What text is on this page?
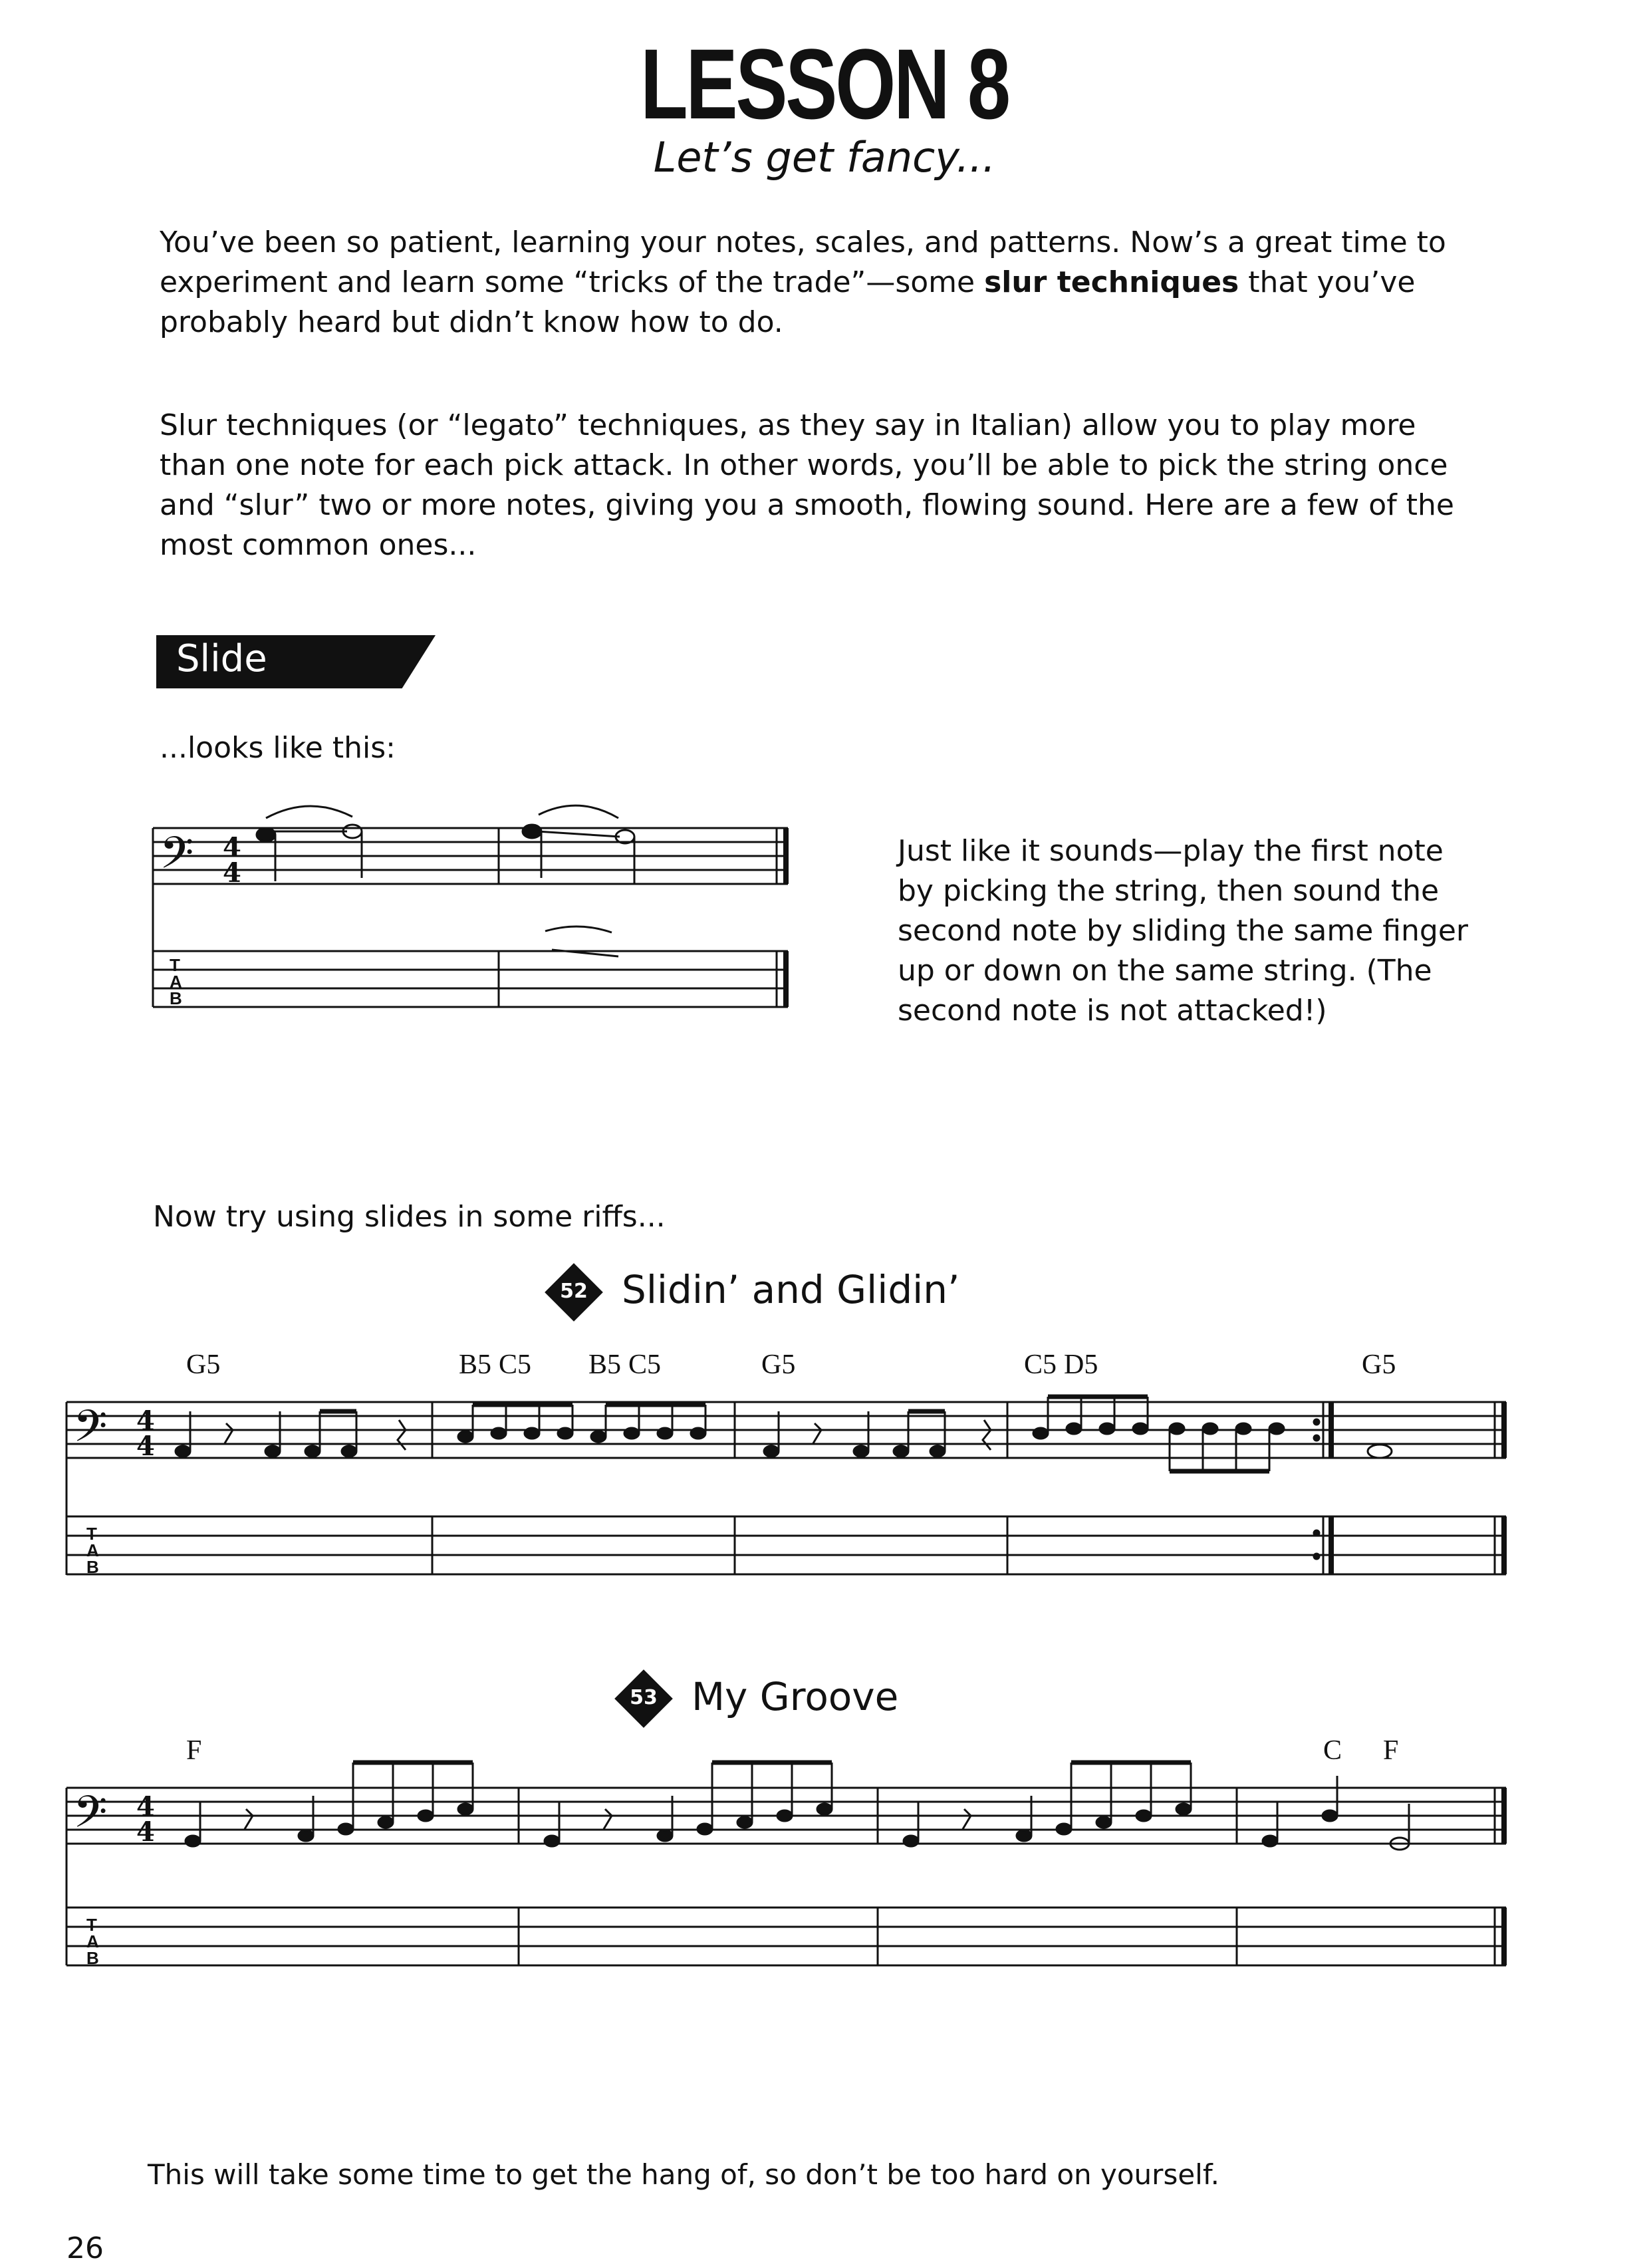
LESSON 8
Let’s get fancy...
You’ve been so patient, learning your notes, scales, and patterns. Now’s a great time to experiment and learn some “tricks of the trade”—some slur techniques that you’ve probably heard but didn’t know how to do.
Slur techniques (or “legato” techniques, as they say in Italian) allow you to play more than one note for each pick attack. In other words, you’ll be able to pick the string once and “slur” two or more notes, giving you a smooth, flowing sound. Here are a few of the most common ones...
Slide
...looks like this:
Just like it sounds—play the first note by picking the string, then sound the second note by sliding the same finger up or down on the same string. (The second note is not attacked!)
Now try using slides in some riffs...
52 Slidin’ and Glidin’
G5	B5 C5 B5 C5	G5	C5 D5	G5
53 My Groove
F	C F
This will take some time to get the hang of, so don’t be too hard on yourself.
26
𝄢 4
4
𝄢 4
4
𝄢 4
4
T
A
B
T
A
B
T
A
B
